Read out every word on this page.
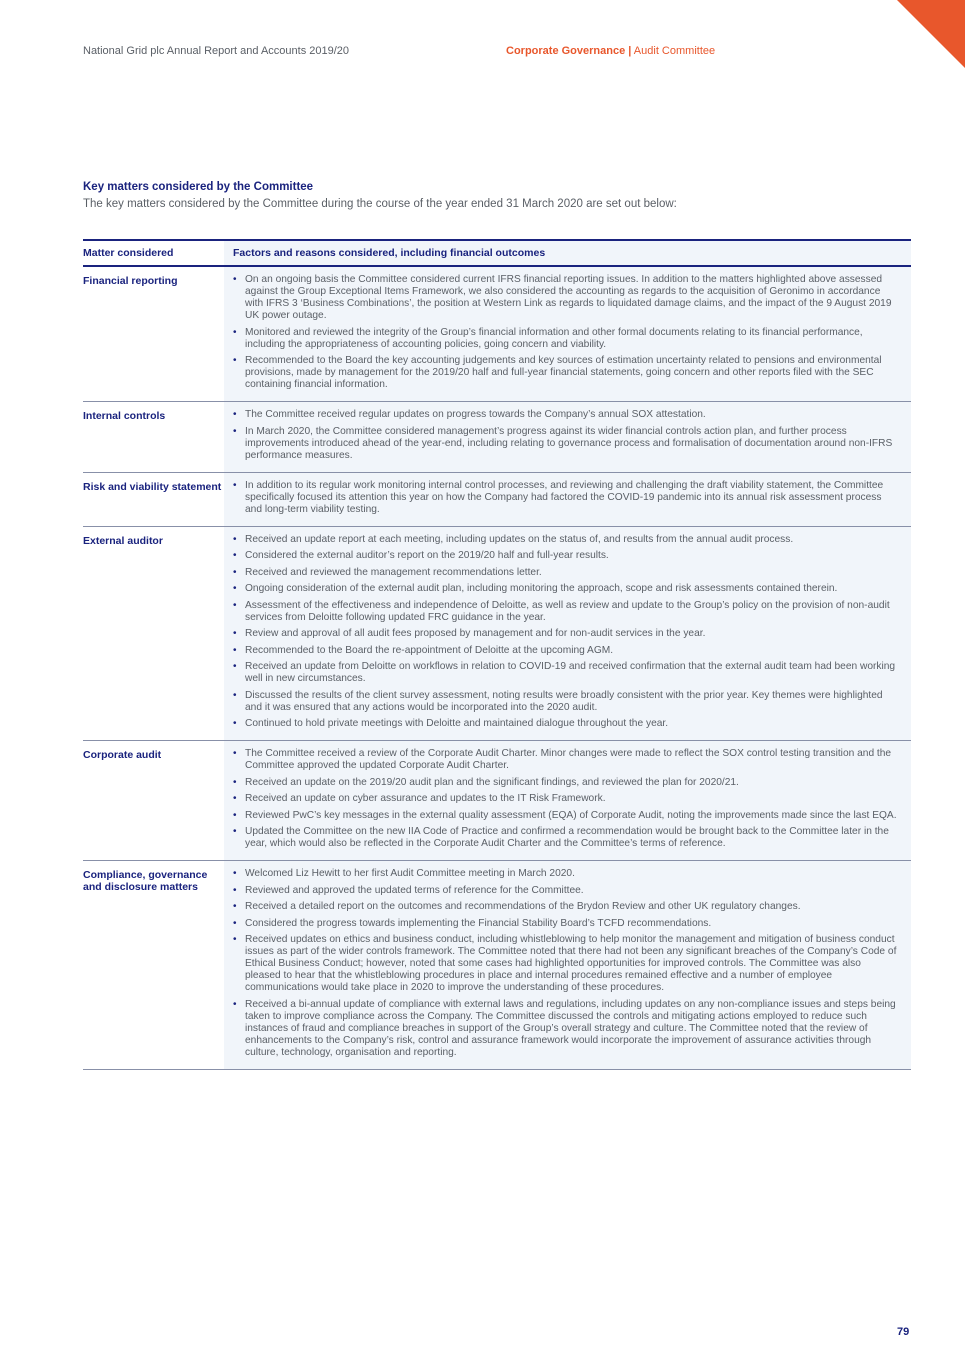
National Grid plc Annual Report and Accounts 2019/20	Corporate Governance | Audit Committee
Key matters considered by the Committee
The key matters considered by the Committee during the course of the year ended 31 March 2020 are set out below:
Matter considered	Factors and reasons considered, including financial outcomes
Financial reporting	
•On an ongoing basis the Committee considered current IFRS financial reporting issues. In addition to the matters highlighted above assessed against the Group Exceptional Items Framework, we also considered the accounting as regards to the acquisition of Geronimo in accordance with IFRS 3 ‘Business Combinations’, the position at Western Link as regards to liquidated damage claims, and the impact of the 9 August 2019 UK power outage.
• Monitored and reviewed the integrity of the Group’s financial information and other formal documents relating to its financial performance, including the appropriateness of accounting policies, going concern and viability.
• Recommended to the Board the key accounting judgements and key sources of estimation uncertainty related to pensions and environmental provisions, made by management for the 2019/20 half and full-year financial statements, going concern and other reports filed with the SEC containing financial information.

Internal controls	
•The Committee received regular updates on progress towards the Company’s annual SOX attestation.
• In March 2020, the Committee considered management’s progress against its wider financial controls action plan, and further process improvements introduced ahead of the year-end, including relating to governance process and formalisation of documentation around non-IFRS performance measures.

Risk and viability statement	
•In addition to its regular work monitoring internal control processes, and reviewing and challenging the draft viability statement, the Committee specifically focused its attention this year on how the Company had factored the COVID-19 pandemic into its annual risk assessment process and long-term viability testing.

External auditor	
•Received an update report at each meeting, including updates on the status of, and results from the annual audit process.
• Considered the external auditor’s report on the 2019/20 half and full-year results.
• Received and reviewed the management recommendations letter.
• Ongoing consideration of the external audit plan, including monitoring the approach, scope and risk assessments contained therein.
• Assessment of the effectiveness and independence of Deloitte, as well as review and update to the Group’s policy on the provision of non-audit services from Deloitte following updated FRC guidance in the year.
• Review and approval of all audit fees proposed by management and for non-audit services in the year.
• Recommended to the Board the re-appointment of Deloitte at the upcoming AGM.
• Received an update from Deloitte on workflows in relation to COVID-19 and received confirmation that the external audit team had been working well in new circumstances.
• Discussed the results of the client survey assessment, noting results were broadly consistent with the prior year. Key themes were highlighted and it was ensured that any actions would be incorporated into the 2020 audit.
• Continued to hold private meetings with Deloitte and maintained dialogue throughout the year.

Corporate audit	
•The Committee received a review of the Corporate Audit Charter. Minor changes were made to reflect the SOX control testing transition and the Committee approved the updated Corporate Audit Charter.
• Received an update on the 2019/20 audit plan and the significant findings, and reviewed the plan for 2020/21.
• Received an update on cyber assurance and updates to the IT Risk Framework.
• Reviewed PwC’s key messages in the external quality assessment (EQA) of Corporate Audit, noting the improvements made since the last EQA.
• Updated the Committee on the new IIA Code of Practice and confirmed a recommendation would be brought back to the Committee later in the year, which would also be reflected in the Corporate Audit Charter and the Committee’s terms of reference.

Compliance, governance and disclosure matters	
• Welcomed Liz Hewitt to her first Audit Committee meeting in March 2020.
• Reviewed and approved the updated terms of reference for the Committee.
• Received a detailed report on the outcomes and recommendations of the Brydon Review and other UK regulatory changes.
• Considered the progress towards implementing the Financial Stability Board’s TCFD recommendations.
• Received updates on ethics and business conduct, including whistleblowing to help monitor the management and mitigation of business conduct issues as part of the wider controls framework. The Committee noted that there had not been any significant breaches of the Company’s Code of Ethical Business Conduct; however, noted that some cases had highlighted opportunities for improved controls. The Committee was also pleased to hear that the whistleblowing procedures in place and internal procedures remained effective and a number of employee communications would take place in 2020 to improve the understanding of these procedures.
• Received a bi-annual update of compliance with external laws and regulations, including updates on any non-compliance issues and steps being taken to improve compliance across the Company. The Committee discussed the controls and mitigating actions employed to reduce such instances of fraud and compliance breaches in support of the Group’s overall strategy and culture. The Committee noted that the review of enhancements to the Company’s risk, control and assurance framework would incorporate the improvement of assurance activities through culture, technology, organisation and reporting.
79
